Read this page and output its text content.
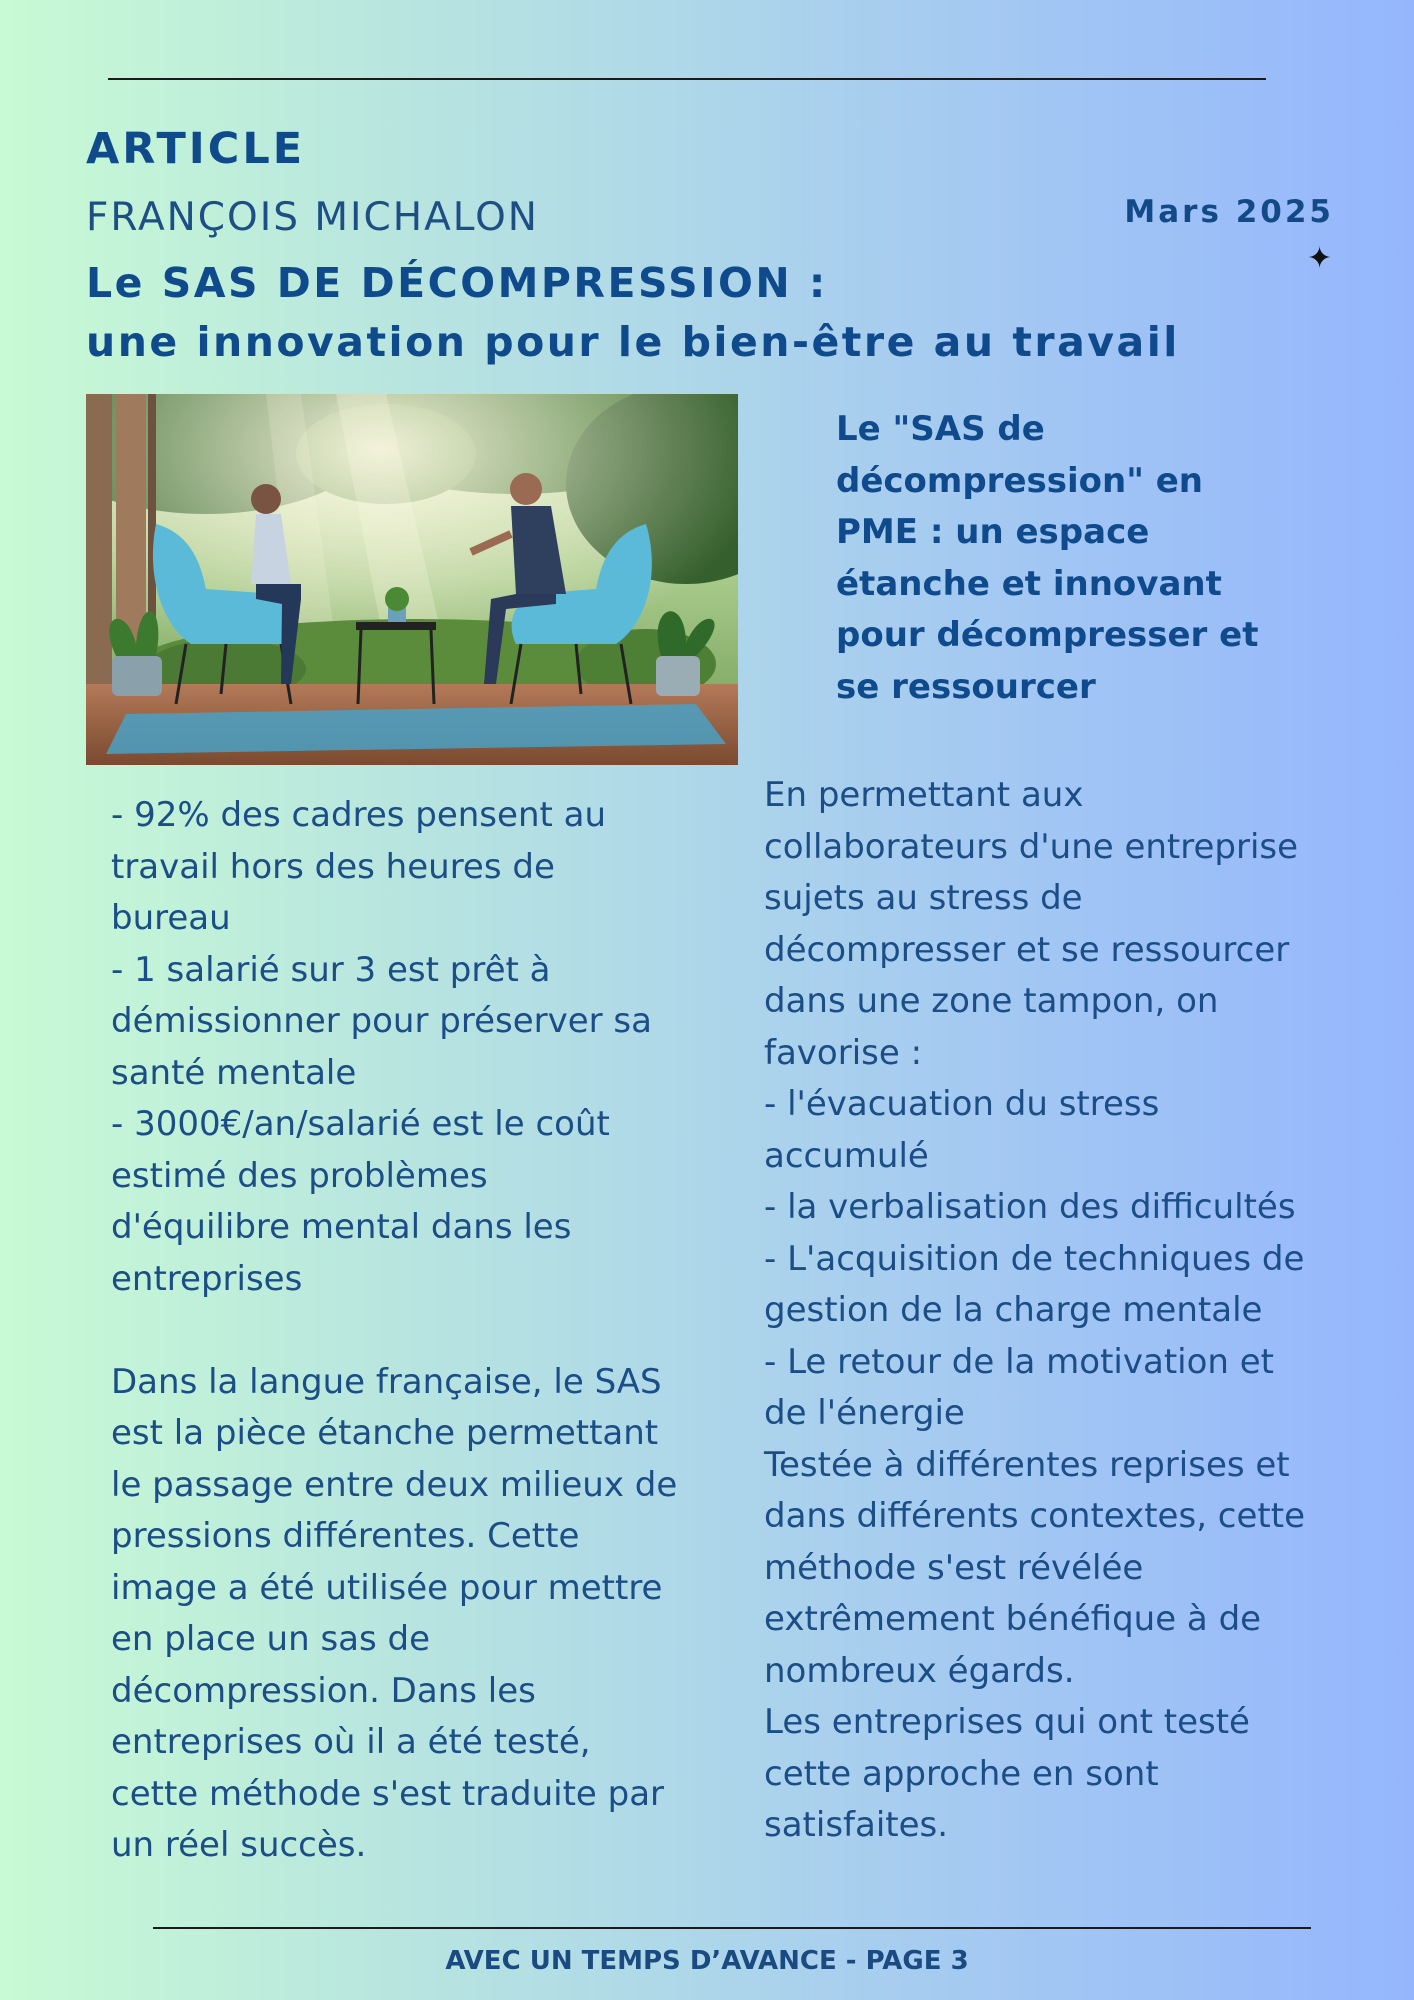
ARTICLE
FRANÇOIS MICHALON	Mars 2025
✦
Le SAS DE DÉCOMPRESSION :
une innovation pour le bien-être au travail
Le "SAS de
décompression" en
PME : un espace
étanche et innovant
pour décompresser et
se ressourcer
- 92% des cadres pensent au
travail hors des heures de
bureau
- 1 salarié sur 3 est prêt à
démissionner pour préserver sa
santé mentale
- 3000€/an/salarié est le coût
estimé des problèmes
d'équilibre mental dans les
entreprises

Dans la langue française, le SAS
est la pièce étanche permettant
le passage entre deux milieux de
pressions différentes. Cette
image a été utilisée pour mettre
en place un sas de
décompression. Dans les
entreprises où il a été testé,
cette méthode s'est traduite par
un réel succès.
En permettant aux
collaborateurs d'une entreprise
sujets au stress de
décompresser et se ressourcer
dans une zone tampon, on
favorise :
- l'évacuation du stress
accumulé
- la verbalisation des difficultés
- L'acquisition de techniques de
gestion de la charge mentale
- Le retour de la motivation et
de l'énergie
Testée à différentes reprises et
dans différents contextes, cette
méthode s'est révélée
extrêmement bénéfique à de
nombreux égards.
Les entreprises qui ont testé
cette approche en sont
satisfaites.
AVEC UN TEMPS D’AVANCE - PAGE 3
